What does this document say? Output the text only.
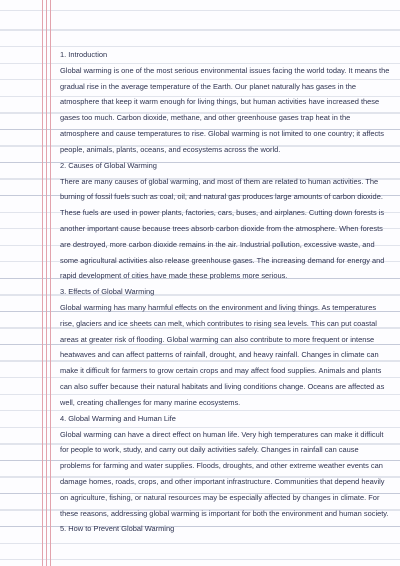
1. Introduction

Global warming is one of the most serious environmental issues facing the world today. It means the gradual rise in the average temperature of the Earth. Our planet naturally has gases in the atmosphere that keep it warm enough for living things, but human activities have increased these gases too much. Carbon dioxide, methane, and other greenhouse gases trap heat in the atmosphere and cause temperatures to rise. Global warming is not limited to one country; it affects people, animals, plants, oceans, and ecosystems across the world.

2. Causes of Global Warming

There are many causes of global warming, and most of them are related to human activities. The burning of fossil fuels such as coal, oil, and natural gas produces large amounts of carbon dioxide. These fuels are used in power plants, factories, cars, buses, and airplanes. Cutting down forests is another important cause because trees absorb carbon dioxide from the atmosphere. When forests are destroyed, more carbon dioxide remains in the air. Industrial pollution, excessive waste, and some agricultural activities also release greenhouse gases. The increasing demand for energy and rapid development of cities have made these problems more serious.

3. Effects of Global Warming

Global warming has many harmful effects on the environment and living things. As temperatures rise, glaciers and ice sheets can melt, which contributes to rising sea levels. This can put coastal areas at greater risk of flooding. Global warming can also contribute to more frequent or intense heatwaves and can affect patterns of rainfall, drought, and heavy rainfall. Changes in climate can make it difficult for farmers to grow certain crops and may affect food supplies. Animals and plants can also suffer because their natural habitats and living conditions change. Oceans are affected as well, creating challenges for many marine ecosystems.

4. Global Warming and Human Life

Global warming can have a direct effect on human life. Very high temperatures can make it difficult for people to work, study, and carry out daily activities safely. Changes in rainfall can cause problems for farming and water supplies. Floods, droughts, and other extreme weather events can damage homes, roads, crops, and other important infrastructure. Communities that depend heavily on agriculture, fishing, or natural resources may be especially affected by changes in climate. For these reasons, addressing global warming is important for both the environment and human society.

5. How to Prevent Global Warming
